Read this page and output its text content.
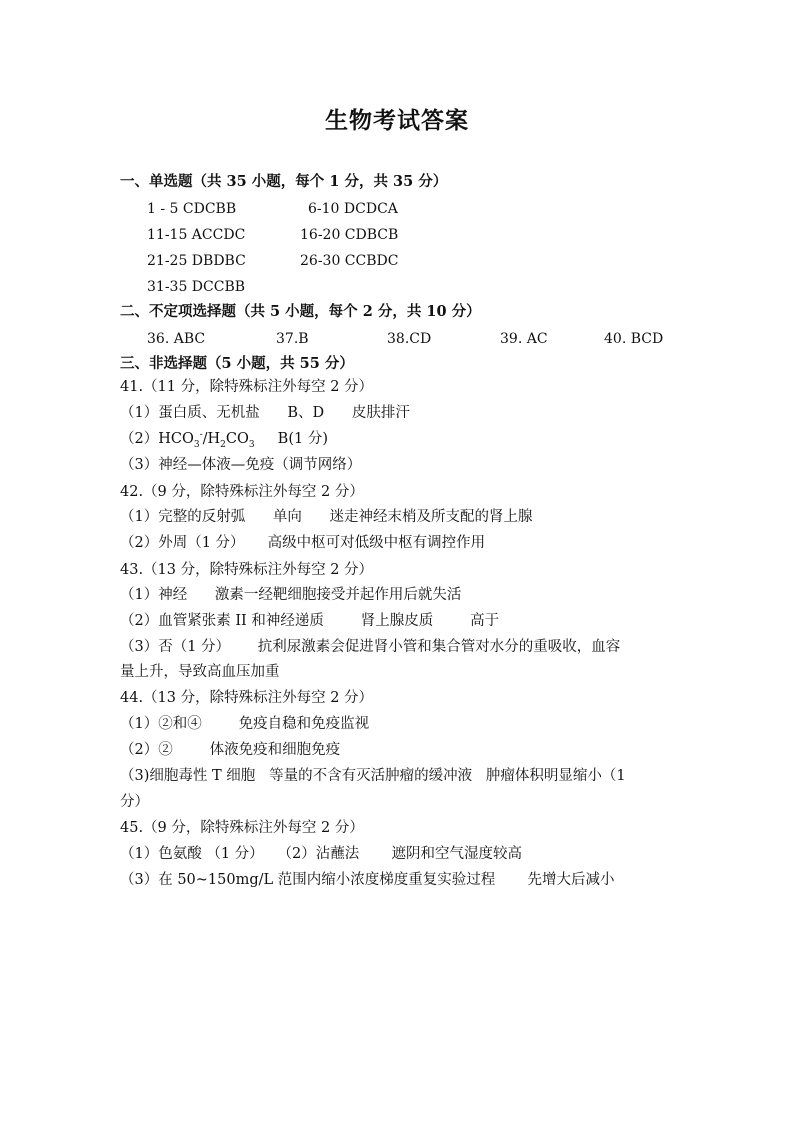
生物考试答案
一、单选题（共 35 小题，每个 1 分，共 35 分）
1 - 5 CDCBB	6-10 DCDCA
11-15 ACCDC	16-20 CDBCB
21-25 DBDBC	26-30 CCBDC
31-35 DCCBB
二、不定项选择题（共 5 小题，每个 2 分，共 10 分）
36. ABC	37.B	38.CD	39. AC	40. BCD
三、非选择题（5 小题，共 55 分）
41.（11 分，除特殊标注外每空 2 分）
（1）蛋白质、无机盐      B、D      皮肤排汗
$(2)HCO_3^-/H_2CO_3$     B(1 分)
（3）神经—体液—免疫（调节网络）
42.（9 分，除特殊标注外每空 2 分）
（1）完整的反射弧      单向      迷走神经末梢及所支配的肾上腺
（2）外周（1 分）     高级中枢可对低级中枢有调控作用
43.（13 分，除特殊标注外每空 2 分）
（1）神经      激素一经靶细胞接受并起作用后就失活
（2）血管紧张素 II 和神经递质        肾上腺皮质        高于
（3）否（1 分）      抗利尿激素会促进肾小管和集合管对水分的重吸收，血容
量上升，导致高血压加重
44.（13 分，除特殊标注外每空 2 分）
（1）②和④        免疫自稳和免疫监视
（2）②        体液免疫和细胞免疫
（3)细胞毒性 T 细胞   等量的不含有灭活肿瘤的缓冲液   肿瘤体积明显缩小（1
分）
45.（9 分，除特殊标注外每空 2 分）
（1）色氨酸 （1 分）   （2）沾蘸法       遮阴和空气湿度较高
（3）在 50~150mg/L 范围内缩小浓度梯度重复实验过程       先增大后减小
